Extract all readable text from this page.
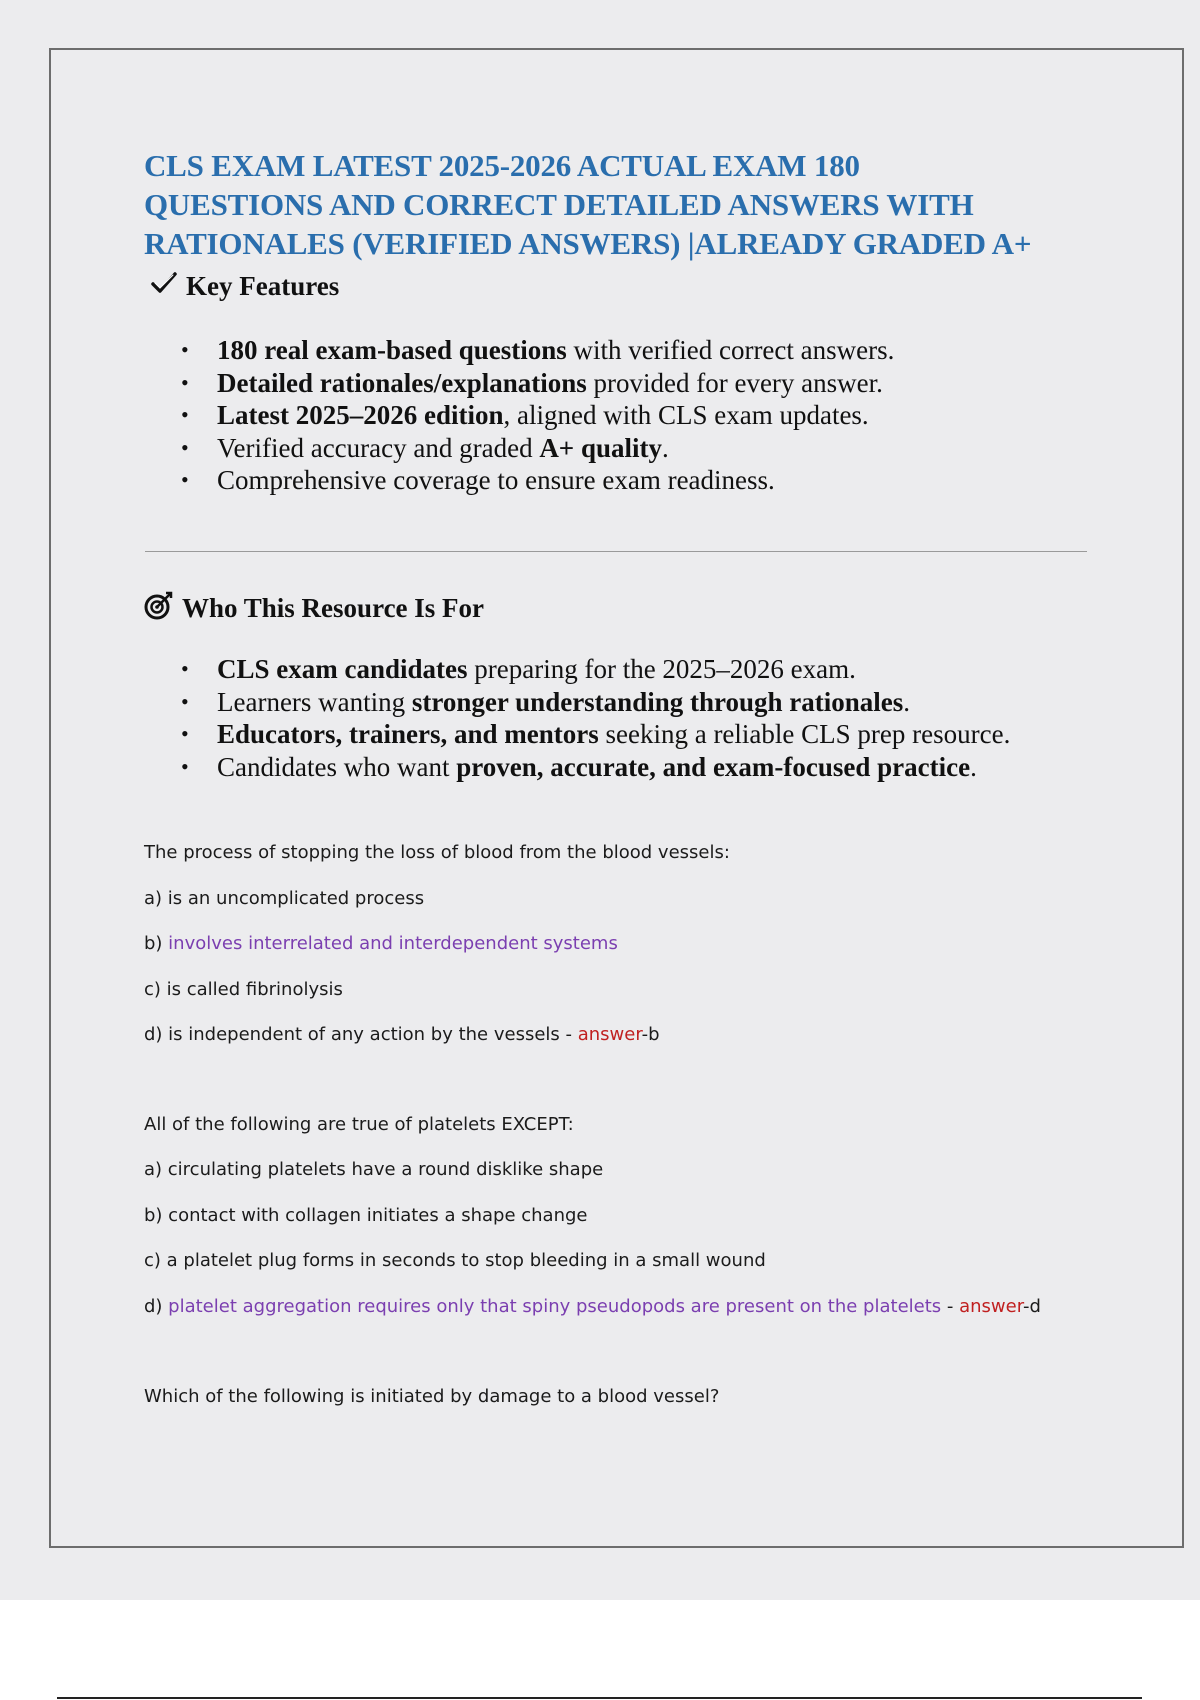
CLS EXAM LATEST 2025-2026 ACTUAL EXAM 180
QUESTIONS AND CORRECT DETAILED ANSWERS WITH
RATIONALES (VERIFIED ANSWERS) |ALREADY GRADED A+
Key Features
• 180 real exam-based questions with verified correct answers.
• Detailed rationales/explanations provided for every answer.
• Latest 2025–2026 edition, aligned with CLS exam updates.
• Verified accuracy and graded A+ quality.
• Comprehensive coverage to ensure exam readiness.
Who This Resource Is For
• CLS exam candidates preparing for the 2025–2026 exam.
• Learners wanting stronger understanding through rationales.
• Educators, trainers, and mentors seeking a reliable CLS prep resource.
• Candidates who want proven, accurate, and exam-focused practice.

The process of stopping the loss of blood from the blood vessels:

a) is an uncomplicated process

b) involves interrelated and interdependent systems

c) is called fibrinolysis

d) is independent of any action by the vessels - answer-b

All of the following are true of platelets EXCEPT:

a) circulating platelets have a round disklike shape

b) contact with collagen initiates a shape change

c) a platelet plug forms in seconds to stop bleeding in a small wound

d) platelet aggregation requires only that spiny pseudopods are present on the platelets - answer-d

Which of the following is initiated by damage to a blood vessel?
